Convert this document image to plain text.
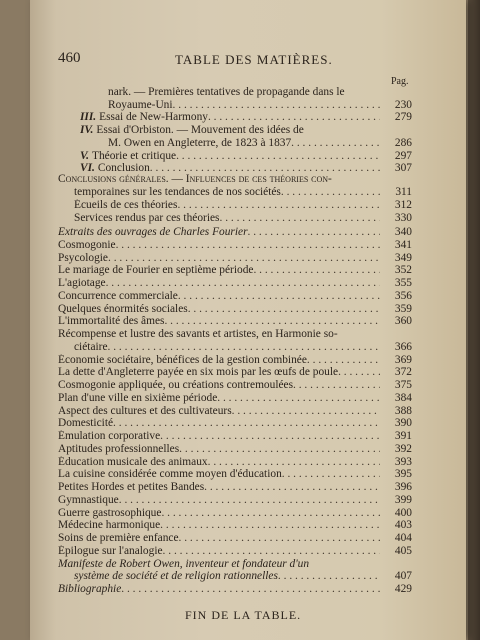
460	TABLE DES MATIÈRES.
Pag.
nark. — Premières tentatives de propagande dans le
230
Royaume-Uni
. . .
279
III. Essai de New-Harmony
. . .
IV. Essai d'Orbiston. — Mouvement des idées de
286
M. Owen en Angleterre, de 1823 à 1837
. . .
297
V. Théorie et critique
. . .
307
VI. Conclusion
. . .
Conclusions générales. — Influences de ces théories con-
311
temporaines sur les tendances de nos sociétés
. . .
312
Écueils de ces théories
. . .
330
Services rendus par ces théories
. . .
340
Extraits des ouvrages de Charles Fourier
. . .
341
Cosmogonie
. . .
349
Psycologie
. . .
352
Le mariage de Fourier en septième période
. . .
355
L'agiotage
. . .
356
Concurrence commerciale
. . .
359
Quelques énormités sociales
. . .
360
L'immortalité des âmes
. . .
Récompense et lustre des savants et artistes, en Harmonie so-
366
ciétaire
. . .
369
Économie sociétaire, bénéfices de la gestion combinée
. . .
372
La dette d'Angleterre payée en six mois par les œufs de poule
. . .
375
Cosmogonie appliquée, ou créations contremoulées
. . .
384
Plan d'une ville en sixième période
. . .
388
Aspect des cultures et des cultivateurs
. . .
390
Domesticité
. . .
391
Émulation corporative
. . .
392
Aptitudes professionnelles
. . .
393
Éducation musicale des animaux
. . .
395
La cuisine considérée comme moyen d'éducation
. . .
396
Petites Hordes et petites Bandes
. . .
399
Gymnastique
. . .
400
Guerre gastrosophique
. . .
403
Médecine harmonique
. . .
404
Soins de première enfance
. . .
405
Épilogue sur l'analogie
. . .
Manifeste de Robert Owen, inventeur et fondateur d'un
407
système de société et de religion rationnelles
. . .
429
Bibliographie
. . .
FIN DE LA TABLE.
